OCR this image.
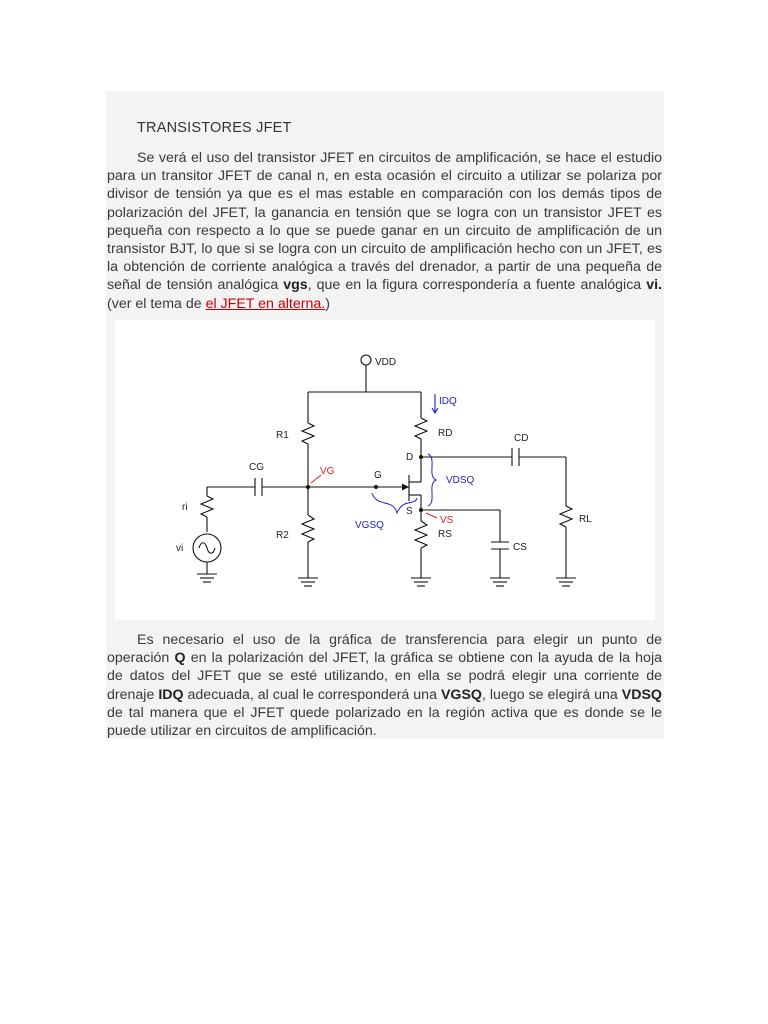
TRANSISTORES JFET

Se verá el uso del transistor JFET en circuitos de amplificación, se hace el estudio para un transitor JFET de canal n, en esta ocasión el circuito a utilizar se polariza por divisor de tensión ya que es el mas estable en comparación con los demás tipos de polarización del JFET, la ganancia en tensión que se logra con un transistor JFET es pequeña con respecto a lo que se puede ganar en un circuito de amplificación de un transistor BJT, lo que si se logra con un circuito de amplificación hecho con un JFET, es la obtención de corriente analógica a través del drenador, a partir de una pequeña de señal de tensión analógica vgs, que en la figura correspondería a fuente analógica vi. (ver el tema de el JFET en alterna.)

VDD
IDQ
R1	RD	CD
CG	VG	G
D
VDSQ
S
VGSQ	VS
ri
vi
R2	RS
CS
RL

Es necesario el uso de la gráfica de transferencia para elegir un punto de operación Q en la polarización del JFET, la gráfica se obtiene con la ayuda de la hoja de datos del JFET que se esté utilizando, en ella se podrá elegir una corriente de drenaje IDQ adecuada, al cual le corresponderá una VGSQ, luego se elegirá una VDSQ de tal manera que el JFET quede polarizado en la región activa que es donde se le puede utilizar en circuitos de amplificación.
